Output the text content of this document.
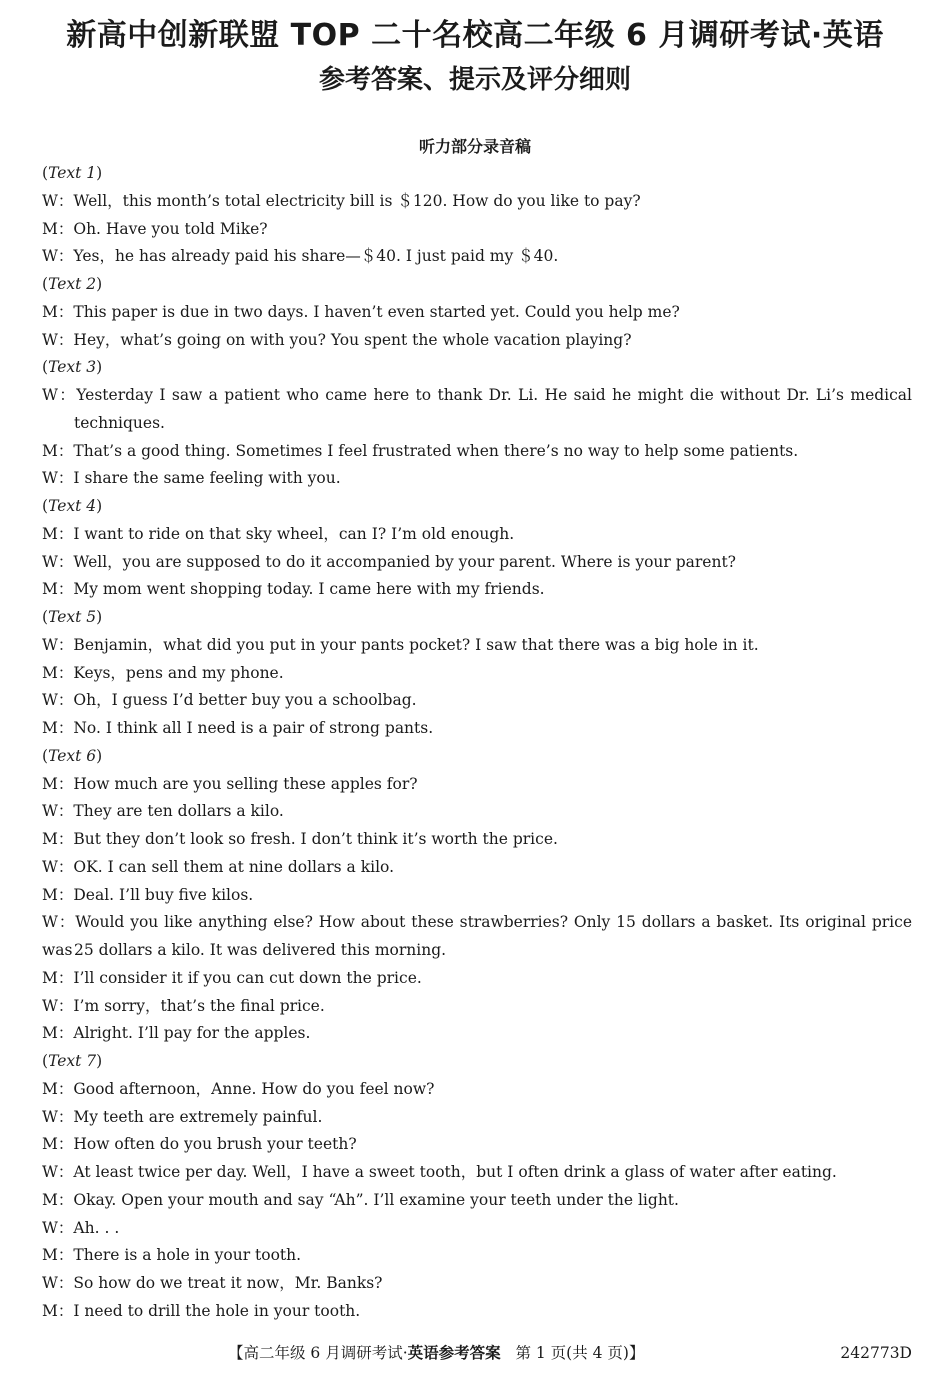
新高中创新联盟 TOP 二十名校高二年级 6 月调研考试·英语
参考答案、提示及评分细则
听力部分录音稿
(Text 1)
W：Well，this month’s total electricity bill is ＄120. How do you like to pay?
M：Oh. Have you told Mike?
W：Yes，he has already paid his share—＄40. I just paid my ＄40.
(Text 2)
M：This paper is due in two days. I haven’t even started yet. Could you help me?
W：Hey，what’s going on with you? You spent the whole vacation playing?
(Text 3)
W：Yesterday I saw a patient who came here to thank Dr. Li. He said he might die without Dr. Li’s medical
techniques.
M：That’s a good thing. Sometimes I feel frustrated when there’s no way to help some patients.
W：I share the same feeling with you.
(Text 4)
M：I want to ride on that sky wheel，can I? I’m old enough.
W：Well，you are supposed to do it accompanied by your parent. Where is your parent?
M：My mom went shopping today. I came here with my friends.
(Text 5)
W：Benjamin，what did you put in your pants pocket? I saw that there was a big hole in it.
M：Keys，pens and my phone.
W：Oh，I guess I’d better buy you a schoolbag.
M：No. I think all I need is a pair of strong pants.
(Text 6)
M：How much are you selling these apples for?
W：They are ten dollars a kilo.
M：But they don’t look so fresh. I don’t think it’s worth the price.
W：OK. I can sell them at nine dollars a kilo.
M：Deal. I’ll buy five kilos.
W：Would you like anything else? How about these strawberries? Only 15 dollars a basket. Its original price was 25 dollars a kilo. It was delivered this morning.
M：I’ll consider it if you can cut down the price.
W：I’m sorry，that’s the final price.
M：Alright. I’ll pay for the apples.
(Text 7)
M：Good afternoon，Anne. How do you feel now?
W：My teeth are extremely painful.
M：How often do you brush your teeth?
W：At least twice per day. Well，I have a sweet tooth，but I often drink a glass of water after eating.
M：Okay. Open your mouth and say “Ah”. I’ll examine your teeth under the light.
W：Ah. . .
M：There is a hole in your tooth.
W：So how do we treat it now，Mr. Banks?
M：I need to drill the hole in your tooth.
【高二年级 6 月调研考试·英语参考答案 第 1 页(共 4 页)】	242773D
